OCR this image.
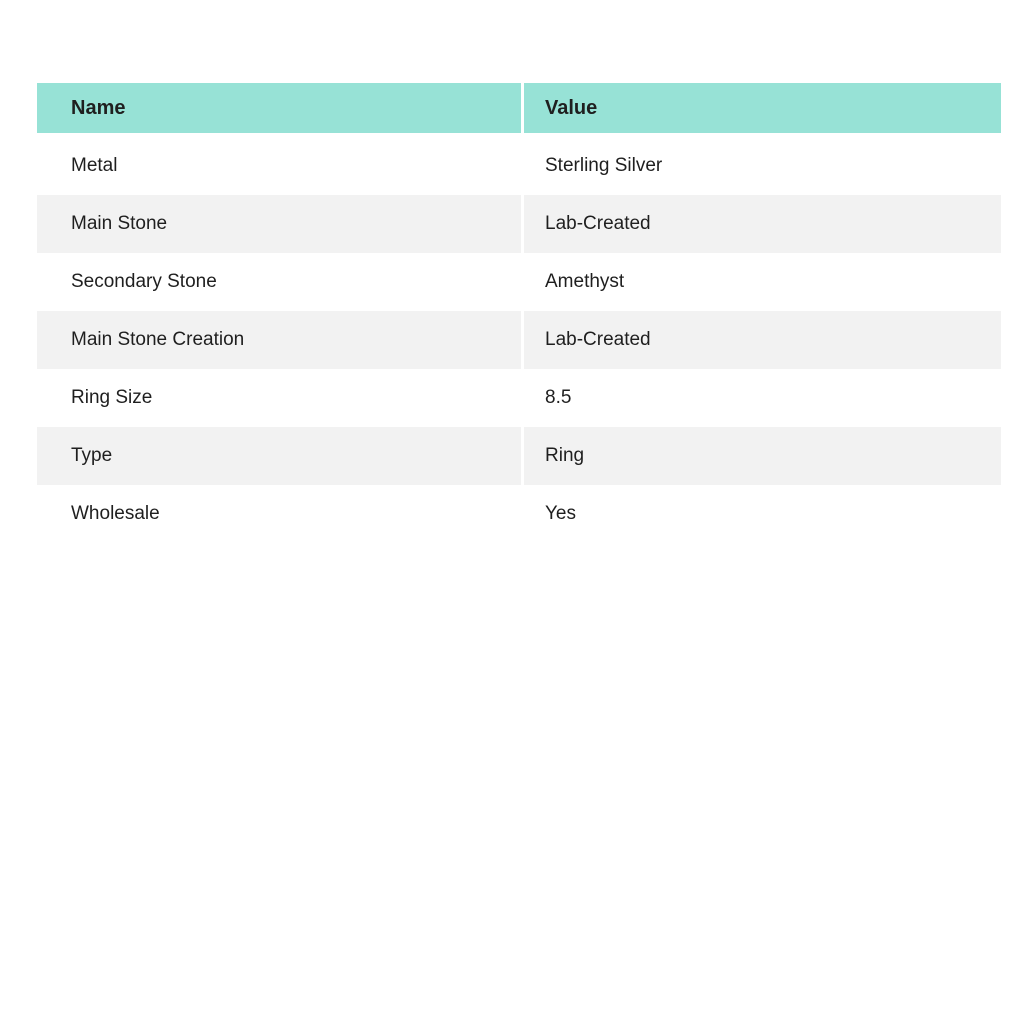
Name	Value
Metal	Sterling Silver
Main Stone	Lab-Created
Secondary Stone	Amethyst
Main Stone Creation	Lab-Created
Ring Size	8.5
Type	Ring
Wholesale	Yes
